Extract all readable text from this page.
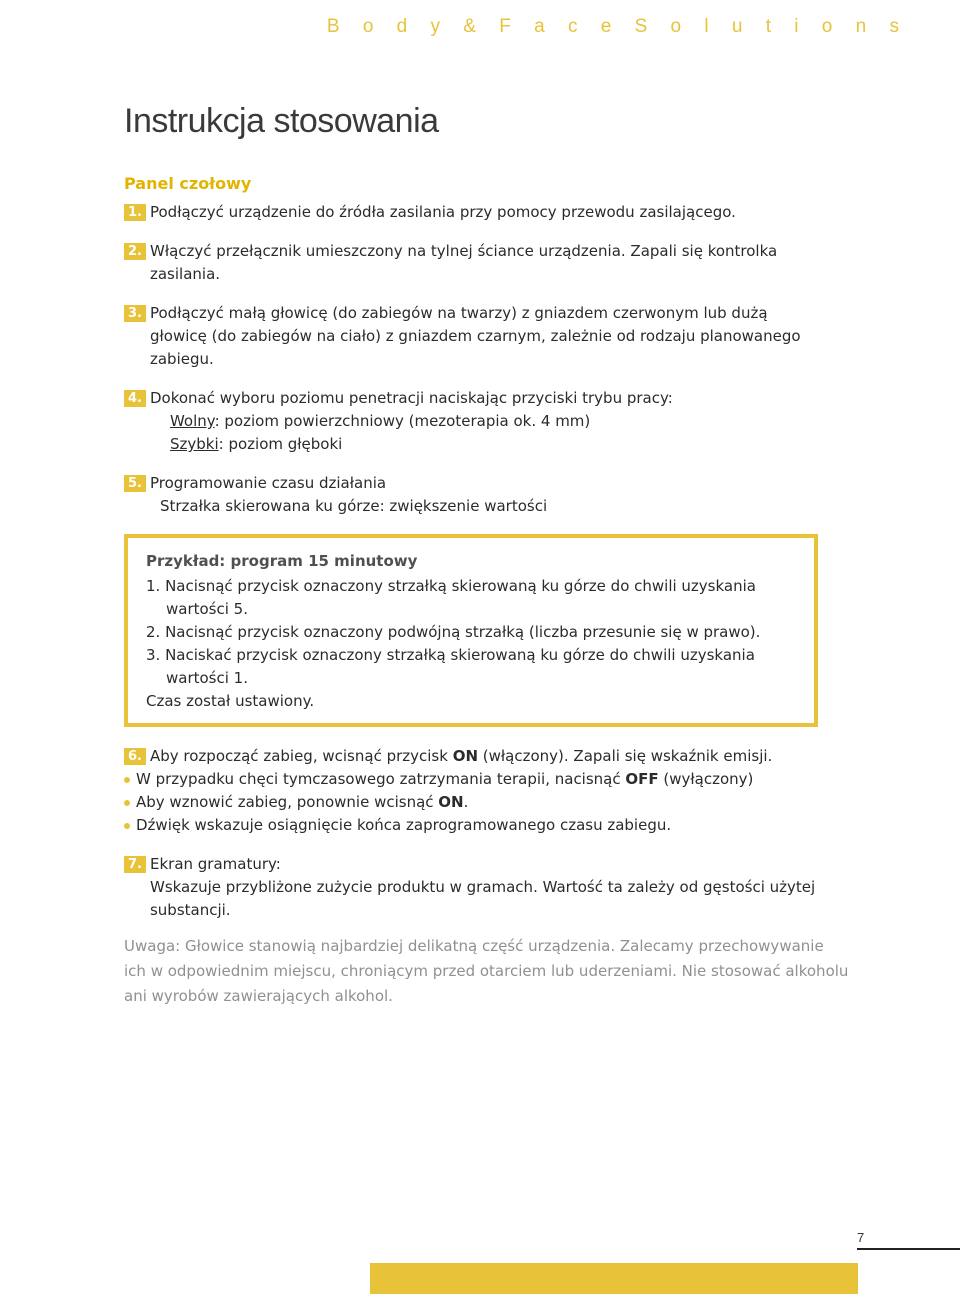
B o d y & F a c e S o l u t i o n s
Instrukcja stosowania
Panel czołowy
1. Podłączyć urządzenie do źródła zasilania przy pomocy przewodu zasilającego.
2. Włączyć przełącznik umieszczony na tylnej ściance urządzenia. Zapali się kontrolka zasilania.
3. Podłączyć małą głowicę (do zabiegów na twarzy) z gniazdem czerwonym lub dużą głowicę (do zabiegów na ciało) z gniazdem czarnym, zależnie od rodzaju planowanego zabiegu.
4. Dokonać wyboru poziomu penetracji naciskając przyciski trybu pracy:
Wolny: poziom powierzchniowy (mezoterapia ok. 4 mm)
Szybki: poziom głęboki
5. Programowanie czasu działania
Strzałka skierowana ku górze: zwiększenie wartości
Przykład: program 15 minutowy
1. Nacisnąć przycisk oznaczony strzałką skierowaną ku górze do chwili uzyskania
wartości 5.
2. Nacisnąć przycisk oznaczony podwójną strzałką (liczba przesunie się w prawo).
3. Naciskać przycisk oznaczony strzałką skierowaną ku górze do chwili uzyskania
wartości 1.
Czas został ustawiony.
6. Aby rozpocząć zabieg, wcisnąć przycisk ON (włączony). Zapali się wskaźnik emisji.
W przypadku chęci tymczasowego zatrzymania terapii, nacisnąć OFF (wyłączony)
Aby wznowić zabieg, ponownie wcisnąć ON.
Dźwięk wskazuje osiągnięcie końca zaprogramowanego czasu zabiegu.
7. Ekran gramatury:
Wskazuje przybliżone zużycie produktu w gramach. Wartość ta zależy od gęstości użytej substancji.
Uwaga: Głowice stanowią najbardziej delikatną część urządzenia. Zalecamy przechowywanie ich w odpowiednim miejscu, chroniącym przed otarciem lub uderzeniami. Nie stosować alkoholu ani wyrobów zawierających alkohol.
7
